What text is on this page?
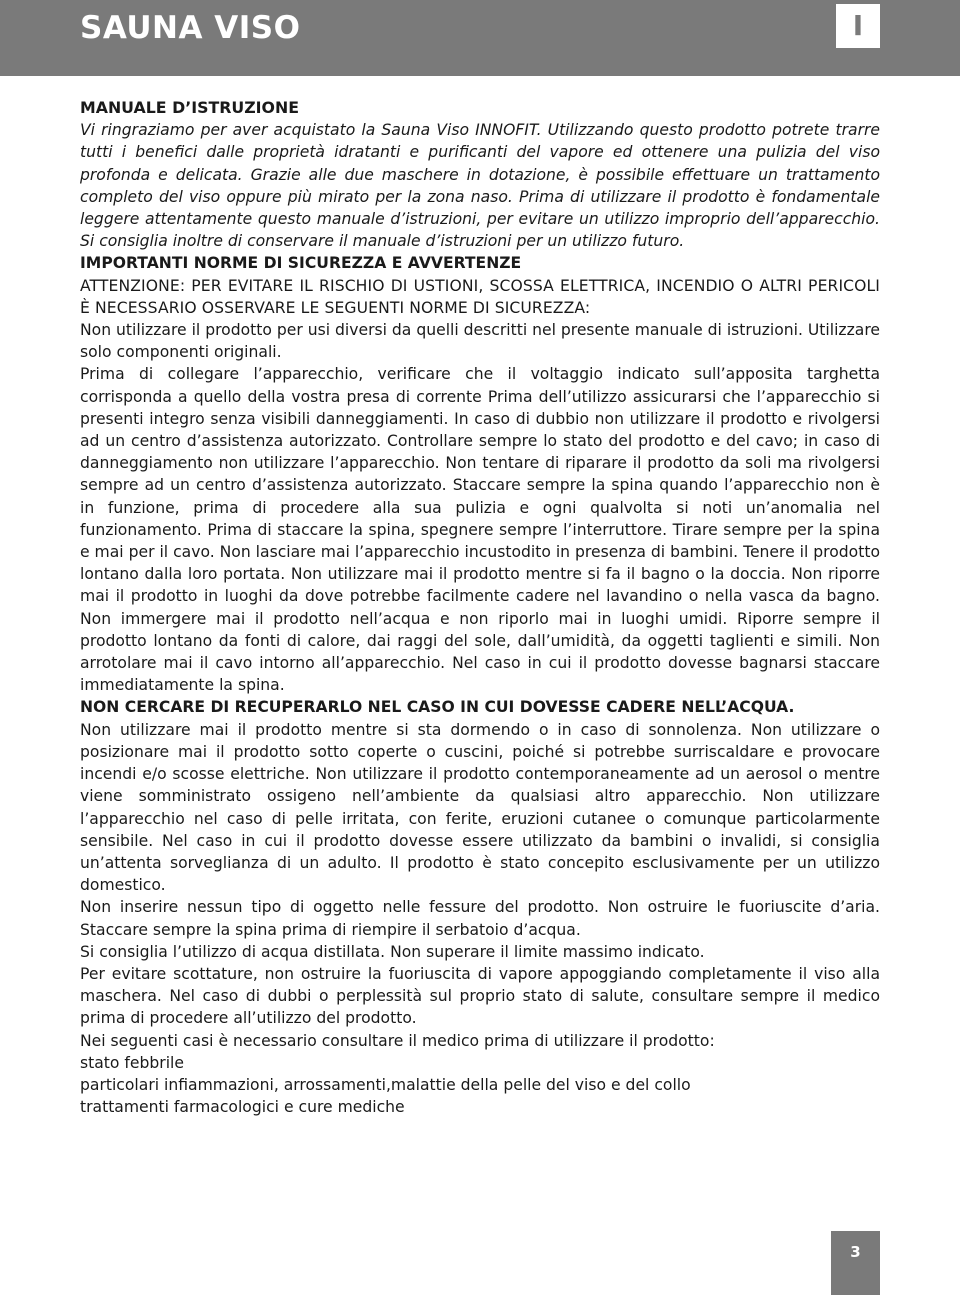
SAUNA VISO	I

MANUALE D’ISTRUZIONE

Vi ringraziamo per aver acquistato la Sauna Viso INNOFIT. Utilizzando questo prodotto potrete trarre tutti i benefici dalle proprietà idratanti e purificanti del vapore ed ottenere una pulizia del viso profonda e delicata. Grazie alle due maschere in dotazione, è possibile effettuare un trattamento completo del viso oppure più mirato per la zona naso. Prima di utilizzare il prodotto è fondamentale leggere attentamente questo manuale d’istruzioni, per evitare un utilizzo improprio dell’apparecchio. Si consiglia inoltre di conservare il manuale d’istruzioni per un utilizzo futuro.

IMPORTANTI NORME DI SICUREZZA E AVVERTENZE

ATTENZIONE: PER EVITARE IL RISCHIO DI USTIONI, SCOSSA ELETTRICA, INCENDIO O ALTRI PERICOLI È NECESSARIO OSSERVARE LE SEGUENTI NORME DI SICUREZZA:

Non utilizzare il prodotto per usi diversi da quelli descritti nel presente manuale di istruzioni. Utilizzare solo componenti originali.

Prima di collegare l’apparecchio, verificare che il voltaggio indicato sull’apposita targhetta corrisponda a quello della vostra presa di corrente Prima dell’utilizzo assicurarsi che l’apparecchio si presenti integro senza visibili danneggiamenti. In caso di dubbio non utilizzare il prodotto e rivolgersi ad un centro d’assistenza autorizzato. Controllare sempre lo stato del prodotto e del cavo; in caso di danneggiamento non utilizzare l’apparecchio. Non tentare di riparare il prodotto da soli ma rivolgersi sempre ad un centro d’assistenza autorizzato. Staccare sempre la spina quando l’apparecchio non è in funzione, prima di procedere alla sua pulizia e ogni qualvolta si noti un’anomalia nel funzionamento. Prima di staccare la spina, spegnere sempre l’interruttore. Tirare sempre per la spina e mai per il cavo. Non lasciare mai l’apparecchio incustodito in presenza di bambini. Tenere il prodotto lontano dalla loro portata. Non utilizzare mai il prodotto mentre si fa il bagno o la doccia. Non riporre mai il prodotto in luoghi da dove potrebbe facilmente cadere nel lavandino o nella vasca da bagno. Non immergere mai il prodotto nell’acqua e non riporlo mai in luoghi umidi. Riporre sempre il prodotto lontano da fonti di calore, dai raggi del sole, dall’umidità, da oggetti taglienti e simili. Non arrotolare mai il cavo intorno all’apparecchio. Nel caso in cui il prodotto dovesse bagnarsi staccare immediatamente la spina.

NON CERCARE DI RECUPERARLO NEL CASO IN CUI DOVESSE CADERE NELL’ACQUA.

Non utilizzare mai il prodotto mentre si sta dormendo o in caso di sonnolenza. Non utilizzare o posizionare mai il prodotto sotto coperte o cuscini, poiché si potrebbe surriscaldare e provocare incendi e/o scosse elettriche. Non utilizzare il prodotto contemporaneamente ad un aerosol o mentre viene somministrato ossigeno nell’ambiente da qualsiasi altro apparecchio. Non utilizzare l’apparecchio nel caso di pelle irritata, con ferite, eruzioni cutanee o comunque particolarmente sensibile. Nel caso in cui il prodotto dovesse essere utilizzato da bambini o invalidi, si consiglia un’attenta sorveglianza di un adulto. Il prodotto è stato concepito esclusivamente per un utilizzo domestico.

Non inserire nessun tipo di oggetto nelle fessure del prodotto. Non ostruire le fuoriuscite d’aria. Staccare sempre la spina prima di riempire il serbatoio d’acqua.

Si consiglia l’utilizzo di acqua distillata. Non superare il limite massimo indicato.

Per evitare scottature, non ostruire la fuoriuscita di vapore appoggiando completamente il viso alla maschera. Nel caso di dubbi o perplessità sul proprio stato di salute, consultare sempre il medico prima di procedere all’utilizzo del prodotto.

Nei seguenti casi è necessario consultare il medico prima di utilizzare il prodotto:

stato febbrile

particolari infiammazioni, arrossamenti,malattie della pelle del viso e del collo

trattamenti farmacologici e cure mediche

3
